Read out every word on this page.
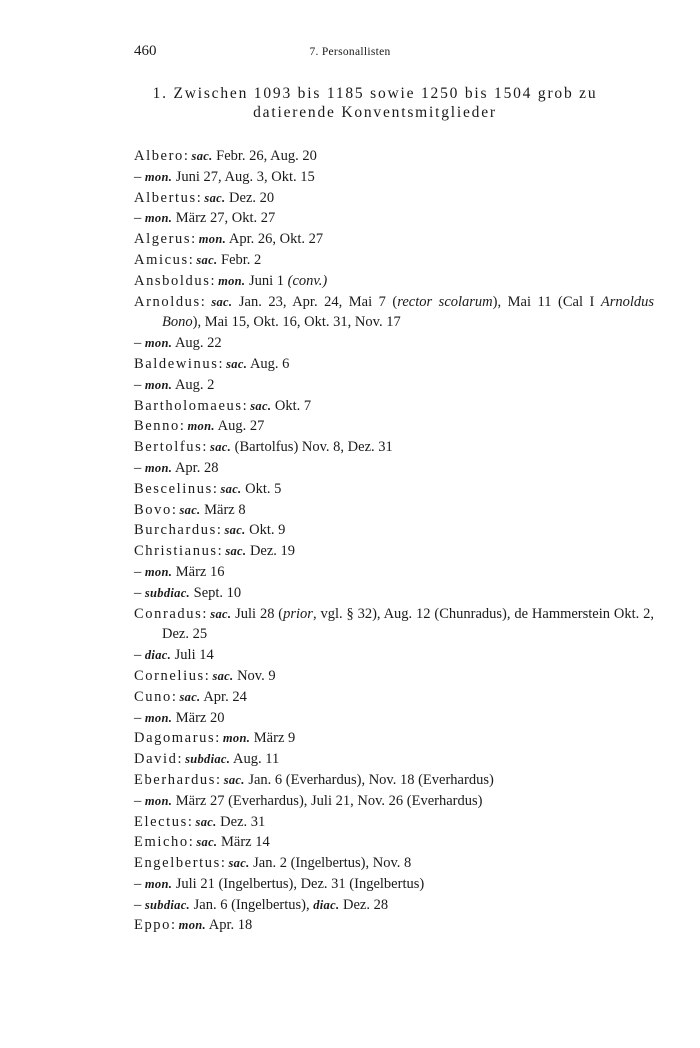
460	7. Personallisten
1. Zwischen 1093 bis 1185 sowie 1250 bis 1504 grob zu
datierende Konventsmitglieder
Albero: sac. Febr. 26, Aug. 20
– mon. Juni 27, Aug. 3, Okt. 15
Albertus: sac. Dez. 20
– mon. März 27, Okt. 27
Algerus: mon. Apr. 26, Okt. 27
Amicus: sac. Febr. 2
Ansboldus: mon. Juni 1 (conv.)
Arnoldus: sac. Jan. 23, Apr. 24, Mai 7 (rector scolarum), Mai 11 (Cal I Arnoldus Bono), Mai 15, Okt. 16, Okt. 31, Nov. 17
– mon. Aug. 22
Baldewinus: sac. Aug. 6
– mon. Aug. 2
Bartholomaeus: sac. Okt. 7
Benno: mon. Aug. 27
Bertolfus: sac. (Bartolfus) Nov. 8, Dez. 31
– mon. Apr. 28
Bescelinus: sac. Okt. 5
Bovo: sac. März 8
Burchardus: sac. Okt. 9
Christianus: sac. Dez. 19
– mon. März 16
– subdiac. Sept. 10
Conradus: sac. Juli 28 (prior, vgl. § 32), Aug. 12 (Chunradus), de Hammerstein Okt. 2, Dez. 25
– diac. Juli 14
Cornelius: sac. Nov. 9
Cuno: sac. Apr. 24
– mon. März 20
Dagomarus: mon. März 9
David: subdiac. Aug. 11
Eberhardus: sac. Jan. 6 (Everhardus), Nov. 18 (Everhardus)
– mon. März 27 (Everhardus), Juli 21, Nov. 26 (Everhardus)
Electus: sac. Dez. 31
Emicho: sac. März 14
Engelbertus: sac. Jan. 2 (Ingelbertus), Nov. 8
– mon. Juli 21 (Ingelbertus), Dez. 31 (Ingelbertus)
– subdiac. Jan. 6 (Ingelbertus), diac. Dez. 28
Eppo: mon. Apr. 18
